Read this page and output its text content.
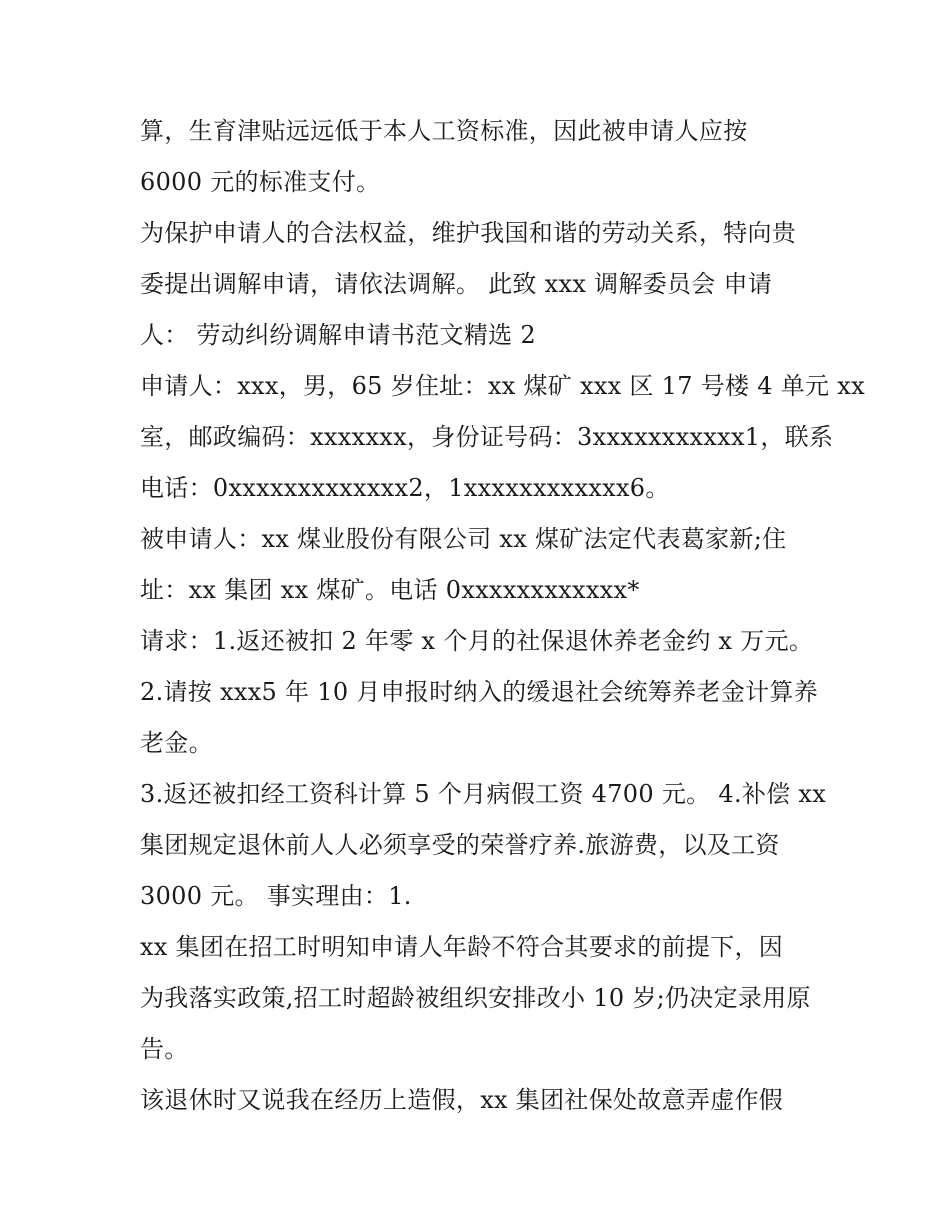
算，生育津贴远远低于本人工资标准，因此被申请人应按
6000 元的标准支付。
为保护申请人的合法权益，维护我国和谐的劳动关系，特向贵
委提出调解申请，请依法调解。 此致 xxx 调解委员会 申请
人： 劳动纠纷调解申请书范文精选 2
申请人：xxx，男，65 岁住址：xx 煤矿 xxx 区 17 号楼 4 单元 xx
室，邮政编码：xxxxxxx，身份证号码：3xxxxxxxxxxx1，联系
电话：0xxxxxxxxxxxxx2，1xxxxxxxxxxxx6。
被申请人：xx 煤业股份有限公司 xx 煤矿法定代表葛家新;住
址：xx 集团 xx 煤矿。电话 0xxxxxxxxxxxx*
请求：1.返还被扣 2 年零 x 个月的社保退休养老金约 x 万元。
2.请按 xxx5 年 10 月申报时纳入的缓退社会统筹养老金计算养
老金。
3.返还被扣经工资科计算 5 个月病假工资 4700 元。 4.补偿 xx
集团规定退休前人人必须享受的荣誉疗养.旅游费，以及工资
3000 元。 事实理由：1.
xx 集团在招工时明知申请人年龄不符合其要求的前提下，因
为我落实政策,招工时超龄被组织安排改小 10 岁;仍决定录用原
告。
该退休时又说我在经历上造假，xx 集团社保处故意弄虚作假
